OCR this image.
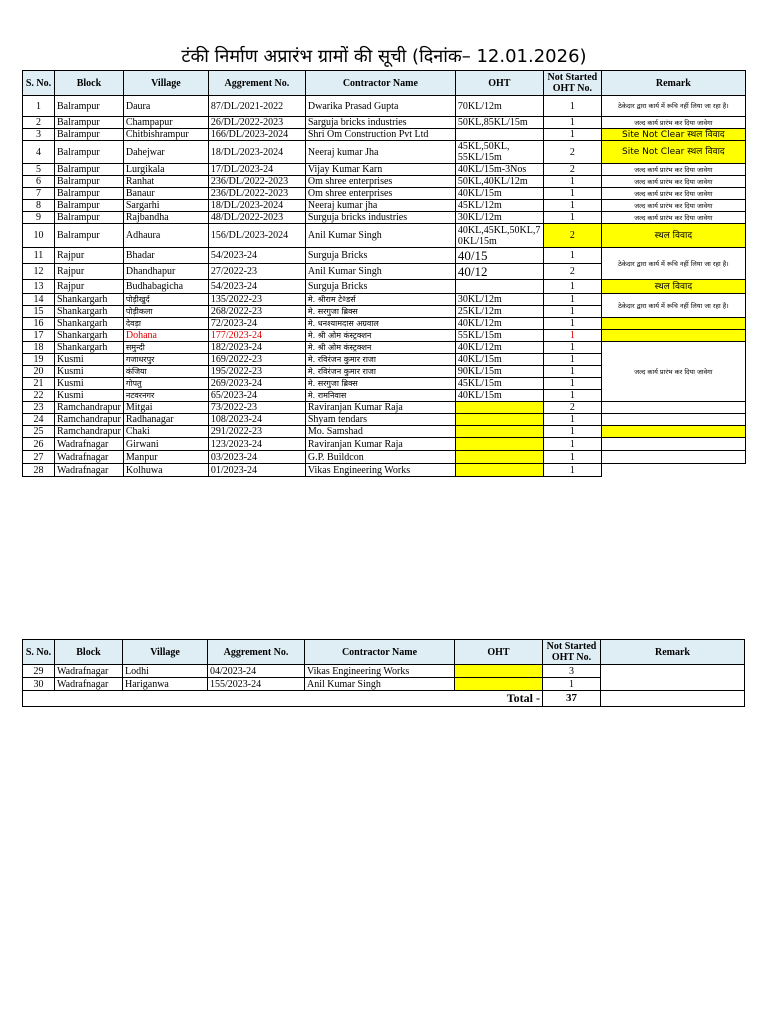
टंकी निर्माण अप्रारंभ ग्रामों की सूची (दिनांक– 12.01.2026)
S. No.	Block	Village	Aggrement No.	Contractor Name	OHT	Not Started OHT No.	Remark
1	Balrampur	Daura	87/DL/2021-2022	Dwarika Prasad Gupta	70KL/12m	1	ठेकेदार द्वारा कार्य में रूचि नहीं लिया जा रहा है।
2	Balrampur	Champapur	26/DL/2022-2023	Sarguja bricks industries	50KL,85KL/15m	1	जल्द कार्य प्रारंभ कर दिया जावेगा
3	Balrampur	Chitbishrampur	166/DL/2023-2024	Shri Om Construction Pvt Ltd		1	Site Not Clear स्थल विवाद
4	Balrampur	Dahejwar	18/DL/2023-2024	Neeraj kumar Jha	45KL,50KL, 55KL/15m	2	Site Not Clear स्थल विवाद
5	Balrampur	Lurgikala	17/DL/2023-24	Vijay Kumar Karn	40KL/15m-3Nos	2	जल्द कार्य प्रारंभ कर दिया जावेगा
6	Balrampur	Ranhat	236/DL/2022-2023	Om shree enterprises	50KL,40KL/12m	1	जल्द कार्य प्रारंभ कर दिया जावेगा
7	Balrampur	Banaur	236/DL/2022-2023	Om shree enterprises	40KL/15m	1	जल्द कार्य प्रारंभ कर दिया जावेगा
8	Balrampur	Sargarhi	18/DL/2023-2024	Neeraj kumar jha	45KL/12m	1	जल्द कार्य प्रारंभ कर दिया जावेगा
9	Balrampur	Rajbandha	48/DL/2022-2023	Surguja bricks industries	30KL/12m	1	जल्द कार्य प्रारंभ कर दिया जावेगा
10	Balrampur	Adhaura	156/DL/2023-2024	Anil Kumar Singh	40KL,45KL,50KL,7 0KL/15m	2	स्थल विवाद
11	Rajpur	Bhadar	54/2023-24	Surguja Bricks	40/15	1	ठेकेदार द्वारा कार्य में रूचि नहीं लिया जा रहा है।
12	Rajpur	Dhandhapur	27/2022-23	Anil Kumar Singh	40/12	2	
13	Rajpur	Budhabagicha	54/2023-24	Surguja Bricks		1	स्थल विवाद
14	Shankargarh	पोड़ीखुर्द	135/2022-23	मे. श्रीराम टेªडर्स	30KL/12m	1	ठेकेदार द्वारा कार्य में रूचि नहीं लिया जा रहा है।
15	Shankargarh	पोड़ीकला	268/2022-23	मे. सरगुजा ब्रिक्स	25KL/12m	1	
16	Shankargarh	देवड़ा	72/2023-24	मे. धनश्यामदास अग्रवाल	40KL/12m	1	
17	Shankargarh	Dohana	177/2023-24	मे. श्री ओम कंस्ट्रक्शन	55KL/15m	1	
18	Shankargarh	समुन्दी	182/2023-24	मे. श्री ओम कंस्ट्रक्शन	40KL/12m	1	जल्द कार्य प्रारंभ कर दिया जावेगा
19	Kusmi	गजाधरपुर	169/2022-23	मे. रविरंजन कुमार राजा	40KL/15m	1	
20	Kusmi	कंजिया	195/2022-23	मे. रविरंजन कुमार राजा	90KL/15m	1	
21	Kusmi	गोपतु	269/2023-24	मे. सरगुजा ब्रिक्स	45KL/15m	1	
22	Kusmi	नटवरनगर	65/2023-24	मे. रामनिवास	40KL/15m	1	
23	Ramchandrapur	Mitgai	73/2022-23	Raviranjan Kumar Raja		2	
24	Ramchandrapur	Radhanagar	108/2023-24	Shyam tendars		1	
25	Ramchandrapur	Chaki	291/2022-23	Mo. Samshad		1	
26	Wadrafnagar	Girwani	123/2023-24	Raviranjan Kumar Raja		1	
27	Wadrafnagar	Manpur	03/2023-24	G.P. Buildcon		1	
28	Wadrafnagar	Kolhuwa	01/2023-24	Vikas Engineering Works		1	
S. No.	Block	Village	Aggrement No.	Contractor Name	OHT	Not Started OHT No.	Remark
29	Wadrafnagar	Lodhi	04/2023-24	Vikas Engineering Works		3	
30	Wadrafnagar	Hariganwa	155/2023-24	Anil Kumar Singh		1	
Total -						37	
